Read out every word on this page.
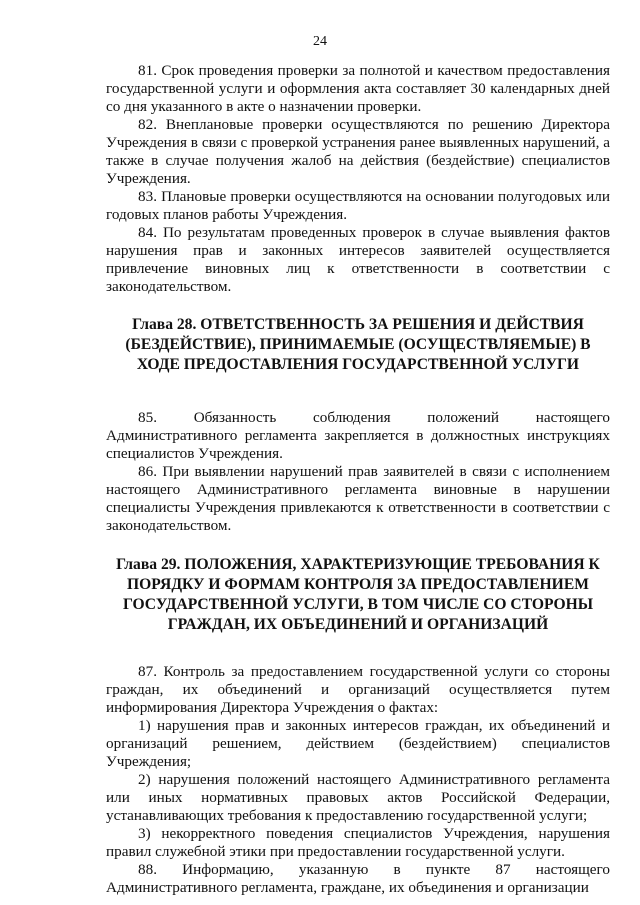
24

81. Срок проведения проверки за полнотой и качеством предоставления государственной услуги и оформления акта составляет 30 календарных дней со дня указанного в акте о назначении проверки.

82. Внеплановые проверки осуществляются по решению Директора Учреждения в связи с проверкой устранения ранее выявленных нарушений, а также в случае получения жалоб на действия (бездействие) специалистов Учреждения.

83. Плановые проверки осуществляются на основании полугодовых или годовых планов работы Учреждения.

84. По результатам проведенных проверок в случае выявления фактов нарушения прав и законных интересов заявителей осуществляется привлечение виновных лиц к ответственности в соответствии с законодательством.

Глава 28. ОТВЕТСТВЕННОСТЬ ЗА РЕШЕНИЯ И ДЕЙСТВИЯ (БЕЗДЕЙСТВИЕ), ПРИНИМАЕМЫЕ (ОСУЩЕСТВЛЯЕМЫЕ) В ХОДЕ ПРЕДОСТАВЛЕНИЯ ГОСУДАРСТВЕННОЙ УСЛУГИ

85. Обязанность соблюдения положений настоящего Административного регламента закрепляется в должностных инструкциях специалистов Учреждения.

86. При выявлении нарушений прав заявителей в связи с исполнением настоящего Административного регламента виновные в нарушении специалисты Учреждения привлекаются к ответственности в соответствии с законодательством.

Глава 29. ПОЛОЖЕНИЯ, ХАРАКТЕРИЗУЮЩИЕ ТРЕБОВАНИЯ К ПОРЯДКУ И ФОРМАМ КОНТРОЛЯ ЗА ПРЕДОСТАВЛЕНИЕМ ГОСУДАРСТВЕННОЙ УСЛУГИ, В ТОМ ЧИСЛЕ СО СТОРОНЫ ГРАЖДАН, ИХ ОБЪЕДИНЕНИЙ И ОРГАНИЗАЦИЙ

87. Контроль за предоставлением государственной услуги со стороны граждан, их объединений и организаций осуществляется путем информирования Директора Учреждения о фактах:

1) нарушения прав и законных интересов граждан, их объединений и организаций решением, действием (бездействием) специалистов Учреждения;

2) нарушения положений настоящего Административного регламента или иных нормативных правовых актов Российской Федерации, устанавливающих требования к предоставлению государственной услуги;

3) некорректного поведения специалистов Учреждения, нарушения правил служебной этики при предоставлении государственной услуги.

88. Информацию, указанную в пункте 87 настоящего Административного регламента, граждане, их объединения и организации
